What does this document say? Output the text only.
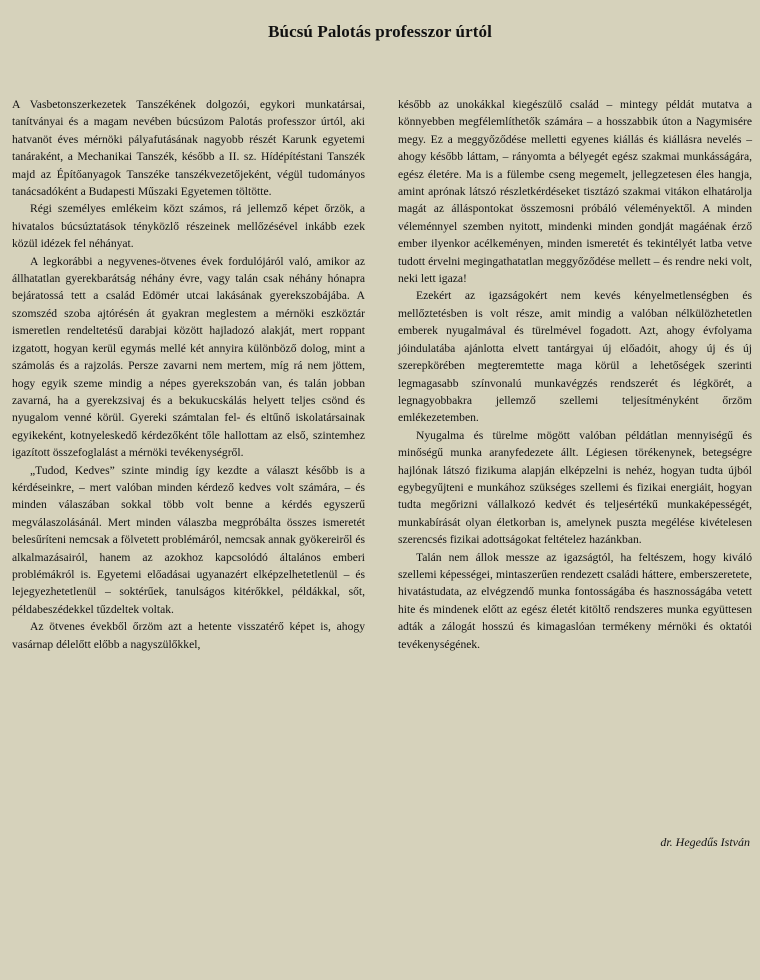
Búcsú Palotás professzor úrtól

A Vasbetonszerkezetek Tanszékének dolgozói, egykori munkatársai, tanítványai és a magam nevében búcsúzom Palotás professzor úrtól, aki hatvanöt éves mérnöki pályafutásának nagyobb részét Karunk egyetemi tanáraként, a Mechanikai Tanszék, később a II. sz. Hídépítéstani Tanszék majd az Építőanyagok Tanszéke tanszékvezetőjeként, végül tudományos tanácsadóként a Budapesti Műszaki Egyetemen töltötte.

Régi személyes emlékeim közt számos, rá jellemző képet őrzök, a hivatalos búcsúztatások tényközlő részeinek mellőzésével inkább ezek közül idézek fel néhányat.

A legkorábbi a negyvenes-ötvenes évek fordulójáról való, amikor az állhatatlan gyerekbarátság néhány évre, vagy talán csak néhány hónapra bejáratossá tett a család Edömér utcai lakásának gyerekszobájába. A szomszéd szoba ajtórésén át gyakran meglestem a mérnöki eszköztár ismeretlen rendeltetésű darabjai között hajladozó alakját, mert roppant izgatott, hogyan kerül egymás mellé két annyira különböző dolog, mint a számolás és a rajzolás. Persze zavarni nem mertem, míg rá nem jöttem, hogy egyik szeme mindig a népes gyerekszobán van, és talán jobban zavarná, ha a gyerekzsivaj és a bekukucskálás helyett teljes csönd és nyugalom venné körül. Gyereki számtalan fel- és eltűnő iskolatársainak egyikeként, kotnyeleskedő kérdezőként tőle hallottam az első, szintemhez igazított összefoglalást a mérnöki tevékenységről.

„Tudod, Kedves” szinte mindig így kezdte a választ később is a kérdéseinkre, – mert valóban minden kérdező kedves volt számára, – és minden válaszában sokkal több volt benne a kérdés egyszerű megválaszolásánál. Mert minden válaszba megpróbálta összes ismeretét belesűríteni nemcsak a fölvetett problémáról, nemcsak annak gyökereiről és alkalmazásairól, hanem az azokhoz kapcsolódó általános emberi problémákról is. Egyetemi előadásai ugyanazért elképzelhetetlenül – és lejegyezhetetlenül – soktérűek, tanulságos kitérőkkel, példákkal, sőt, példabeszédekkel tűzdeltek voltak.

Az ötvenes évekből őrzöm azt a hetente visszatérő képet is, ahogy vasárnap délelőtt előbb a nagyszülőkkel,

később az unokákkal kiegészülő család – mintegy példát mutatva a könnyebben megfélemlíthetők számára – a hosszabbik úton a Nagymisére megy. Ez a meggyőződése melletti egyenes kiállás és kiállásra nevelés – ahogy később láttam, – rányomta a bélyegét egész szakmai munkásságára, egész életére. Ma is a fülembe cseng megemelt, jellegzetesen éles hangja, amint aprónak látszó részletkérdéseket tisztázó szakmai vitákon elhatárolja magát az álláspontokat összemosni próbáló véleményektől. A minden véleménnyel szemben nyitott, mindenki minden gondját magáénak érző ember ilyenkor acélkeményen, minden ismeretét és tekintélyét latba vetve tudott érvelni megingathatatlan meggyőződése mellett – és rendre neki volt, neki lett igaza!

Ezekért az igazságokért nem kevés kényelmetlenségben és mellőztetésben is volt része, amit mindig a valóban nélkülözhetetlen emberek nyugalmával és türelmével fogadott. Azt, ahogy évfolyama jóindulatába ajánlotta elvett tantárgyai új előadóit, ahogy új és új szerepkörében megteremtette maga körül a lehetőségek szerinti legmagasabb színvonalú munkavégzés rendszerét és légkörét, a legnagyobbakra jellemző szellemi teljesítményként őrzöm emlékezetemben.

Nyugalma és türelme mögött valóban példátlan mennyiségű és minőségű munka aranyfedezete állt. Légiesen törékenynek, betegségre hajlónak látszó fizikuma alapján elképzelni is nehéz, hogyan tudta újból egybegyűjteni e munkához szükséges szellemi és fizikai energiáit, hogyan tudta megőrizni vállalkozó kedvét és teljesértékű munkaképességét, munkabírását olyan életkorban is, amelynek puszta megélése kivételesen szerencsés fizikai adottságokat feltételez hazánkban.

Talán nem állok messze az igazságtól, ha feltészem, hogy kiváló szellemi képességei, mintaszerűen rendezett családi háttere, emberszeretete, hivatástudata, az elvégzendő munka fontosságába és hasznosságába vetett hite és mindenek előtt az egész életét kitöltő rendszeres munka együttesen adták a zálogát hosszú és kimagaslóan termékeny mérnöki és oktatói tevékenységének.

dr. Hegedűs István
